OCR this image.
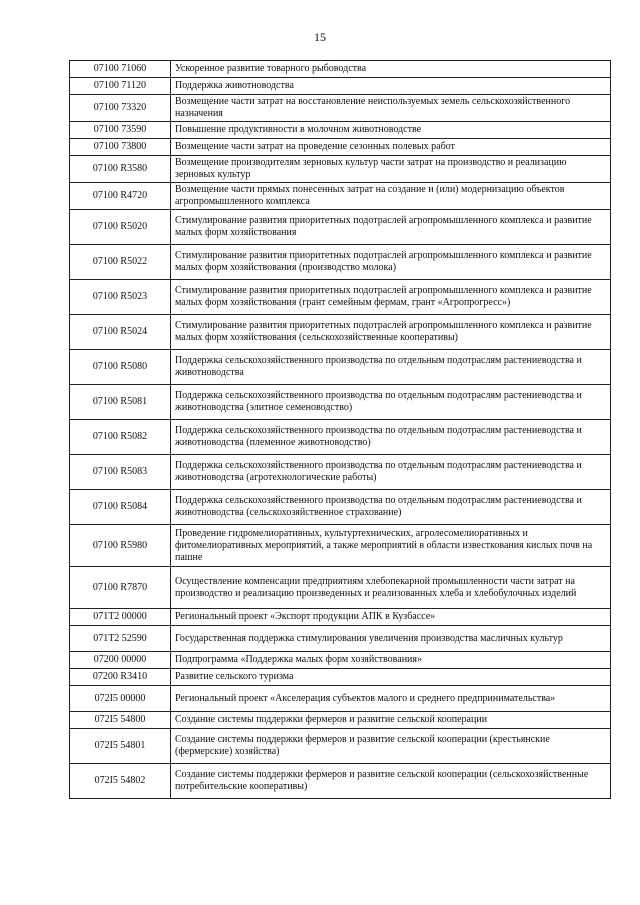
15
07100 71060	Ускоренное развитие товарного рыбоводства
07100 71120	Поддержка животноводства
07100 73320	Возмещение части затрат на восстановление неиспользуемых земель сельскохозяйственного назначения
07100 73590	Повышение продуктивности в молочном животноводстве
07100 73800	Возмещение части затрат на проведение сезонных полевых работ
07100 R3580	Возмещение производителям зерновых культур части затрат на производство и реализацию зерновых культур
07100 R4720	Возмещение части прямых понесенных затрат на создание и (или) модернизацию объектов агропромышленного комплекса
07100 R5020	Стимулирование развития приоритетных подотраслей агропромышленного комплекса и развитие малых форм хозяйствования
07100 R5022	Стимулирование развития приоритетных подотраслей агропромышленного комплекса и развитие малых форм хозяйствования (производство молока)
07100 R5023	Стимулирование развития приоритетных подотраслей агропромышленного комплекса и развитие малых форм хозяйствования (грант семейным фермам, грант «Агропрогресс»)
07100 R5024	Стимулирование развития приоритетных подотраслей агропромышленного комплекса и развитие малых форм хозяйствования (сельскохозяйственные кооперативы)
07100 R5080	Поддержка сельскохозяйственного производства по отдельным подотраслям растениеводства и животноводства
07100 R5081	Поддержка сельскохозяйственного производства по отдельным подотраслям растениеводства и животноводства (элитное семеноводство)
07100 R5082	Поддержка сельскохозяйственного производства по отдельным подотраслям растениеводства и животноводства (племенное животноводство)
07100 R5083	Поддержка сельскохозяйственного производства по отдельным подотраслям растениеводства и животноводства (агротехнологические работы)
07100 R5084	Поддержка сельскохозяйственного производства по отдельным подотраслям растениеводства и животноводства (сельскохозяйственное страхование)
07100 R5980	Проведение гидромелиоративных, культуртехнических, агролесомелиоративных и фитомелиоративных мероприятий, а также мероприятий в области известкования кислых почв на пашне
07100 R7870	Осуществление компенсации предприятиям хлебопекарной промышленности части затрат на производство и реализацию произведенных и реализованных хлеба и хлебобулочных изделий
071T2 00000	Региональный проект «Экспорт продукции АПК в Кузбассе»
071T2 52590	Государственная поддержка стимулирования увеличения производства масличных культур
07200 00000	Подпрограмма «Поддержка малых форм хозяйствования»
07200 R3410	Развитие сельского туризма
072I5 00000	Региональный проект «Акселерация субъектов малого и среднего предпринимательства»
072I5 54800	Создание системы поддержки фермеров и развитие сельской кооперации
072I5 54801	Создание системы поддержки фермеров и развитие сельской кооперации (крестьянские (фермерские) хозяйства)
072I5 54802	Создание системы поддержки фермеров и развитие сельской кооперации (сельскохозяйственные потребительские кооперативы)
